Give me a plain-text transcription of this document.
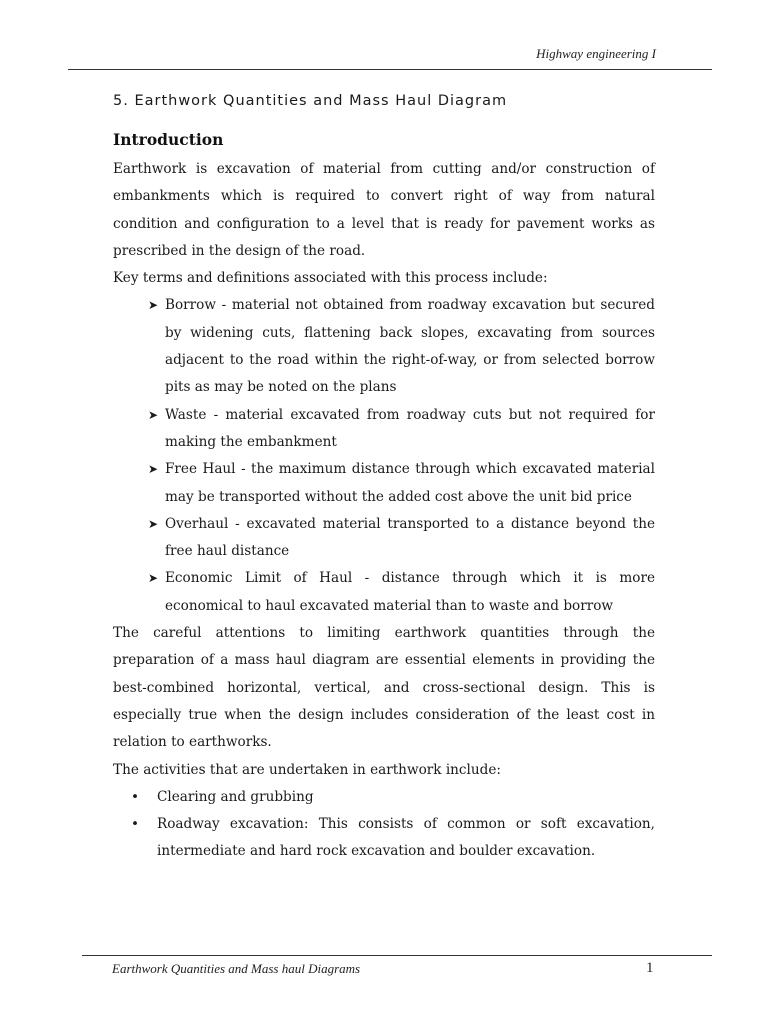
Highway engineering I
5. Earthwork Quantities and Mass Haul Diagram
Introduction

Earthwork is excavation of material from cutting and/or construction of embankments which is required to convert right of way from natural condition and configuration to a level that is ready for pavement works as prescribed in the design of the road.

Key terms and definitions associated with this process include:

➤ Borrow - material not obtained from roadway excavation but secured by widening cuts, flattening back slopes, excavating from sources adjacent to the road within the right-of-way, or from selected borrow pits as may be noted on the plans
➤ Waste - material excavated from roadway cuts but not required for making the embankment
➤ Free Haul - the maximum distance through which excavated material may be transported without the added cost above the unit bid price
➤ Overhaul - excavated material transported to a distance beyond the free haul distance
➤ Economic Limit of Haul - distance through which it is more economical to haul excavated material than to waste and borrow

The careful attentions to limiting earthwork quantities through the preparation of a mass haul diagram are essential elements in providing the best-combined horizontal, vertical, and cross-sectional design. This is especially true when the design includes consideration of the least cost in relation to earthworks.

The activities that are undertaken in earthwork include:

• Clearing and grubbing
• Roadway excavation: This consists of common or soft excavation, intermediate and hard rock excavation and boulder excavation.
Earthwork Quantities and Mass haul Diagrams	1
